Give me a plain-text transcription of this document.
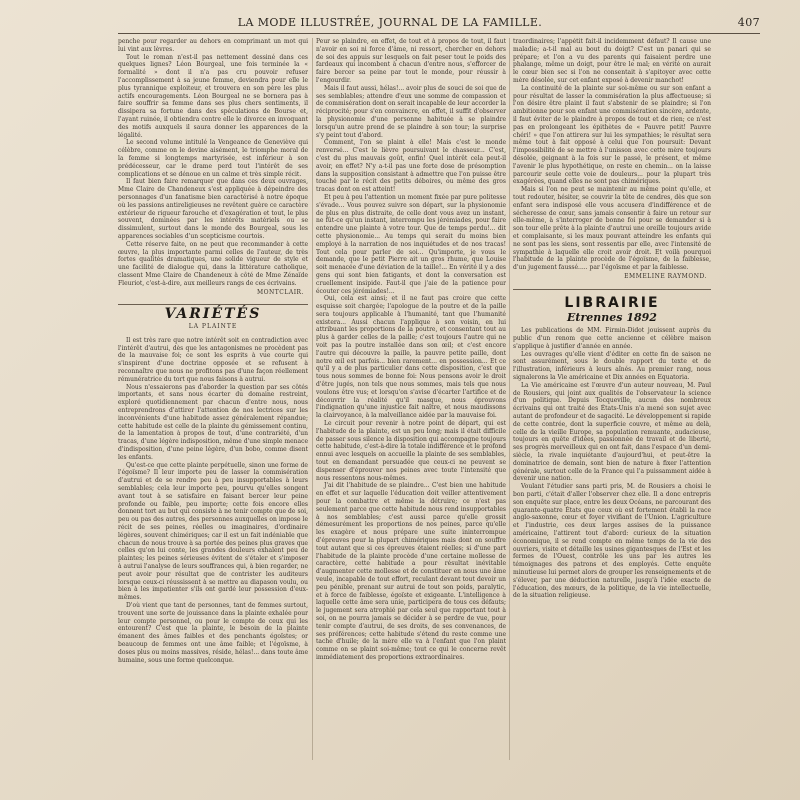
LA MODE ILLUSTRÉE, JOURNAL DE LA FAMILLE.	407

penche pour regarder au dehors en comprimant un mot qui lui vint aux lèvres.

Tout le roman n'est-il pas nettement dessiné dans ces quelques lignes? Léon Bourgeal, une fois terminée la « formalité » dont il n'a pas cru pouvoir refuser l'accomplissement à sa jeune femme, deviendra pour elle le plus tyrannique exploiteur, et trouvera en son père les plus actifs encouragements. Léon Bourgeal ne se bornera pas à faire souffrir sa femme dans ses plus chers sentiments, il dissipera sa fortune dans des spéculations de Bourse et, l'ayant ruinée, il obtiendra contre elle le divorce en invoquant des motifs auxquels il saura donner les apparences de la légalité.

Le second volume intitulé la Vengeance de Geneviève qui célèbre, comme on le devine aisément, le triomphe moral de la femme si longtemps martyrisée, est inférieur à son prédécesseur, car le drame perd tout l'intérêt de ses complications et se dénoue en un calme et très simple récit.

Il faut bien faire remarquer que dans ces deux ouvrages, Mme Claire de Chandeneux s'est appliquée à dépeindre des personnages d'un fanatisme bien caractérisé à notre époque où les passions antireligieuses ne revêtent guère ce caractère extérieur de rigueur farouche et d'exagération et tout, le plus souvent, dominées par les intérêts matériels ou se dissimulent, surtout dans le monde des Bourgeal, sous les apparences sociables d'un scepticisme courtois.

Cette réserve faite, on ne peut que recommander à cette œuvre, la plus importante parmi celles de l'auteur, de très fortes qualités dramatiques, une solide vigueur de style et une facilité de dialogue qui, dans la littérature catholique, classent Mme Claire de Chandeneux à côté de Mme Zénaïde Fleuriot, c'est-à-dire, aux meilleurs rangs de ces écrivains.

MONTCLAIR.
VARIÉTÉS
LA PLAINTE

Il est très rare que notre intérêt soit en contradiction avec l'intérêt d'autrui, dès que les antagonismes ne procèdent pas de la mauvaise foi; ce sont les esprits à vue courte qui s'inspirent d'une doctrine opposée et se refusent à reconnaître que nous ne profitons pas d'une façon réellement rémunératrice du tort que nous faisons à autrui.

Nous n'essaierons pas d'aborder la question par ses côtés importants, et sans nous écarter du domaine restreint, exploré quotidiennement par chacun d'entre nous, nous entreprendrons d'attirer l'attention de nos lectrices sur les inconvénients d'une habitude assez généralement répandue; cette habitude est celle de la plainte du gémissement continu, de la lamentation à propos de tout, d'une contrariété, d'un tracas, d'une légère indisposition, même d'une simple menace d'indisposition, d'une peine légère, d'un bobo, comme disent les enfants.

Qu'est-ce que cette plainte perpétuelle, sinon une forme de l'égoïsme? Il leur importe peu de lasser la commisération d'autrui et de se rendre peu à peu insupportables à leurs semblables; cela leur importe peu, pourvu qu'elles songent avant tout à se satisfaire en faisant bercer leur peine profonde ou faible, peu importe; cette fois encore elles donnent tort au but qui consiste à ne tenir compte que de soi, peu ou pas des autres, des personnes auxquelles on impose le récit de ses peines, réelles ou imaginaires, d'ordinaire légères, souvent chimériques; car il est un fait indéniable que chacun de nous trouve à sa portée des peines plus graves que celles qu'on lui conte, les grandes douleurs exhalent peu de plaintes; les peines sérieuses évitent de s'étaler et s'imposer à autrui l'analyse de leurs souffrances qui, à bien regarder, ne peut avoir pour résultat que de contrister les auditeurs lorsque ceux-ci réussissent à se mettre au diapason voulu, ou bien à les impatienter s'ils ont gardé leur possession d'eux-mêmes.

D'où vient que tant de personnes, tant de femmes surtout, trouvent une sorte de jouissance dans la plainte exhalée pour leur compte personnel, ou pour le compte de ceux qui les entourent? C'est que la plainte, le besoin de la plainte émanent des âmes faibles et des penchants égoïstes; or beaucoup de femmes ont une âme faible; et l'égoïsme, à doses plus ou moins massives, réside, hélas!... dans toute âme humaine, sous une forme quelconque.

Peur se plaindre, en effet, de tout et à propos de tout, il faut n'avoir en soi ni force d'âme, ni ressort, chercher en dehors de soi des appuis sur lesquels on fait peser tout le poids des fardeaux qui incombent à chacun d'entre nous, s'efforcer de faire bercer sa peine par tout le monde, pour réussir à l'engourdir.

Mais il faut aussi, hélas!... avoir plus de souci de soi que de ses semblables; attendre d'eux une somme de compassion et de commisération dont on serait incapable de leur accorder la réciprocité; pour s'en convaincre, en effet, il suffit d'observer la physionomie d'une personne habituée à se plaindre lorsqu'un autre prend de se plaindre à son tour; la surprise s'y peint tout d'abord.

Comment, l'on se plaint à elle! Mais c'est le monde renversé... C'est le lièvre poursuivant le chasseur... C'est, c'est du plus mauvais goût, enfin! Quel intérêt cela peut-il avoir, en effet? N'y a-t-il pas une forte dose de présomption dans la supposition consistant à admettre que l'on puisse être touché par le récit des petits déboires, ou même des gros tracas dont on est atteint!

Et peu à peu l'attention un moment fixée par pure politesse s'évade... Vous pouvez suivre son départ, sur la physionomie de plus en plus distraite, de celle dont vous avez un instant, ne fût-ce qu'un instant, interrompu les jérémiades, pour faire entendre une plainte à votre tour. Que de temps perdu!... dit cette physionomie... Au temps qui serait du moins bien employé à la narration de nos inquiétudes et de nos tracas! Tout cela pour parler de soi... Qu'importe, je vous le demande, que le petit Pierre ait un gros rhume, que Louise soit menacée d'une déviation de la taille!... En vérité il y a des gens qui sont bien fatigants, et dont la conversation est cruellement insipide. Faut-il que j'aie de la patience pour écouter ces jérémiades!...

Oui, cela est ainsi; et il ne faut pas croire que cette esquisse soit chargée; l'apologue de la poutre et de la paille sera toujours applicable à l'humanité, tant que l'humanité existera... Aussi chacun l'applique à son voisin, en lui attribuant les proportions de la poutre, et consentant tout au plus à garder celles de la paille; c'est toujours l'autre qui ne voit pas la poutre installée dans son œil; et c'est encore l'autre qui découvre la paille, la pauvre petite paille, dont notre œil est parfois... bien rarement... en possession... Et ce qu'il y a de plus particulier dans cette disposition, c'est que tous nous sommes de bonne foi: Nous pensons avoir le droit d'être jugés, non tels que nous sommes, mais tels que nous voulons être vus; et lorsqu'on s'avise d'écarter l'artifice et de découvrir la réalité qu'il masque, nous éprouvons l'indignation qu'une injustice fait naître, et nous maudissons la clairvoyance, à la malveillance aidée par la mauvaise foi.

Le circuit pour revenir à notre point de départ, qui est l'habitude de la plainte, est un peu long; mais il était difficile de passer sous silence la disposition qui accompagne toujours cette habitude, c'est-à-dire la totale indifférence et le profond ennui avec lesquels on accueille la plainte de ses semblables, tout en demandant persuadée que ceux-ci ne peuvent se dispenser d'éprouver nos peines avec toute l'intensité que nous ressentons nous-mêmes.

J'ai dit l'habitude de se plaindre... C'est bien une habitude en effet et sur laquelle l'éducation doit veiller attentivement pour la combattre et même la détruire; ce n'est pas seulement parce que cette habitude nous rend insupportables à nos semblables; c'est aussi parce qu'elle grossit démesurément les proportions de nos peines, parce qu'elle les exagère et nous prépare une suite ininterrompue d'épreuves pour la plupart chimériques mais dont on souffre tout autant que si ces épreuves étaient réelles; si d'une part l'habitude de la plainte procède d'une certaine mollesse de caractère, cette habitude a pour résultat inévitable d'augmenter cette mollesse et de constituer en nous une âme veule, incapable de tout effort, reculant devant tout devoir un peu pénible, prenant sur autrui de tout son poids, paralytic, et à force de faiblesse, égoïste et exigeante. L'intelligence à laquelle cette âme sera unie, participera de tous ces défauts; le jugement sera atrophié par cela seul que rapportant tout à soi, on ne pourra jamais se décider à se perdre de vue, pour tenir compte d'autrui, de ses droits, de ses convenances, de ses préférences; cette habitude s'étend du reste comme une tache d'huile; de la mère elle va à l'enfant que l'on plaint comme on se plaint soi-même; tout ce qui le concerne revêt immédiatement des proportions extraordinaires.

traordinaires; l'appétit fait-il incidemment défaut? Il cause une maladie; a-t-il mal au bout du doigt? C'est un panari qui se prépare; et l'on a vu des parents qui faisaient perdre une phalange, même un doigt, pour être le mal; en vérité on aurait le cœur bien sec si l'on ne consentait à s'apitoyer avec cette mère désolée, sur cet enfant exposé à devenir manchot!

La continuité de la plainte sur soi-même ou sur son enfant a pour résultat de lasser la commisération la plus affectueuse; si l'on désire être plaint il faut s'abstenir de se plaindre; si l'on ambitionne pour son enfant une commisération sincère, ardente, il faut éviter de le plaindre à propos de tout et de rien; ce n'est pas en prolongeant les épithètes de « Pauvre petit! Pauvre chéri! » que l'on attirera sur lui les sympathies; le résultat sera même tout à fait opposé à celui que l'on poursuit: Devant l'impossibilité de se mettre à l'unisson avec cette mère toujours désolée, geignant à la fois sur le passé, le présent, et même l'avenir le plus hypothétique, on reste en chemin... on la laisse parcourir seule cette voie de douleurs... pour la plupart très exagérées, quand elles ne sont pas chimériques.

Mais si l'on ne peut se maintenir au même point qu'elle, et tout redouter, hésiter, se couvrir la tête de cendres, dès que son enfant sera indisposé elle vous accusera d'indifférence et de sécheresse de cœur, sans jamais consentir à faire un retour sur elle-même, à s'interroger de bonne foi pour se demander si à son tour elle prête à la plainte d'autrui une oreille toujours avide et complaisante, si les maux pouvant atteindre les enfants qui ne sont pas les siens, sont ressentis par elle, avec l'intensité de sympathie à laquelle elle croit avoir droit. Et voilà pourquoi l'habitude de la plainte procède de l'égoïsme, de la faiblesse, d'un jugement faussé..... par l'égoïsme et par la faiblesse.

EMMELINE RAYMOND.
LIBRAIRIE
Etrennes 1892

Les publications de MM. Firmin-Didot jouissent auprès du public d'un renom que cette ancienne et célèbre maison s'applique à justifier d'année en année.

Les ouvrages qu'elle vient d'éditer en cette fin de saison ne sont assurément, sous le double rapport du texte et de l'illustration, inférieurs à leurs aînés. Au premier rang, nous signalerons la Vie américaine et Dix années en Equatoria.

La Vie américaine est l'œuvre d'un auteur nouveau, M. Paul de Rousiers, qui joint aux qualités de l'observateur la science d'un politique. Depuis Tocqueville, aucun des nombreux écrivains qui ont traité des États-Unis n'a mené son sujet avec autant de profondeur et de sagacité. Le développement si rapide de cette contrée, dont la superficie couvre, et même au delà, celle de la vieille Europe, sa population remuante, audacieuse, toujours en quête d'idées, passionnée de travail et de liberté, ses progrès merveilleux qui en ont fait, dans l'espace d'un demi-siècle, la rivale inquiétante d'aujourd'hui, et peut-être la dominatrice de demain, sont bien de nature à fixer l'attention générale, surtout celle de la France qui l'a puissamment aidée à devenir une nation.

Voulant l'étudier sans parti pris, M. de Rousiers a choisi le bon parti, c'était d'aller l'observer chez elle. Il a donc entrepris son enquête sur place, entre les deux Océans, ne parcourant des quarante-quatre États que ceux où est fortement établi la race anglo-saxonne, cœur et foyer vivifiant de l'Union. L'agriculture et l'industrie, ces deux larges assises de la puissance américaine, l'attirent tout d'abord: curieux de la situation économique, il se rend compte en même temps de la vie des ouvriers, visite et détaille les usines gigantesques de l'Est et les fermes de l'Ouest, contrôle les uns par les autres les témoignages des patrons et des employés. Cette enquête minutieuse lui permet alors de grouper les renseignements et de s'élever, par une déduction naturelle, jusqu'à l'idée exacte de l'éducation, des mœurs, de la politique, de la vie intellectuelle, de la situation religieuse.
